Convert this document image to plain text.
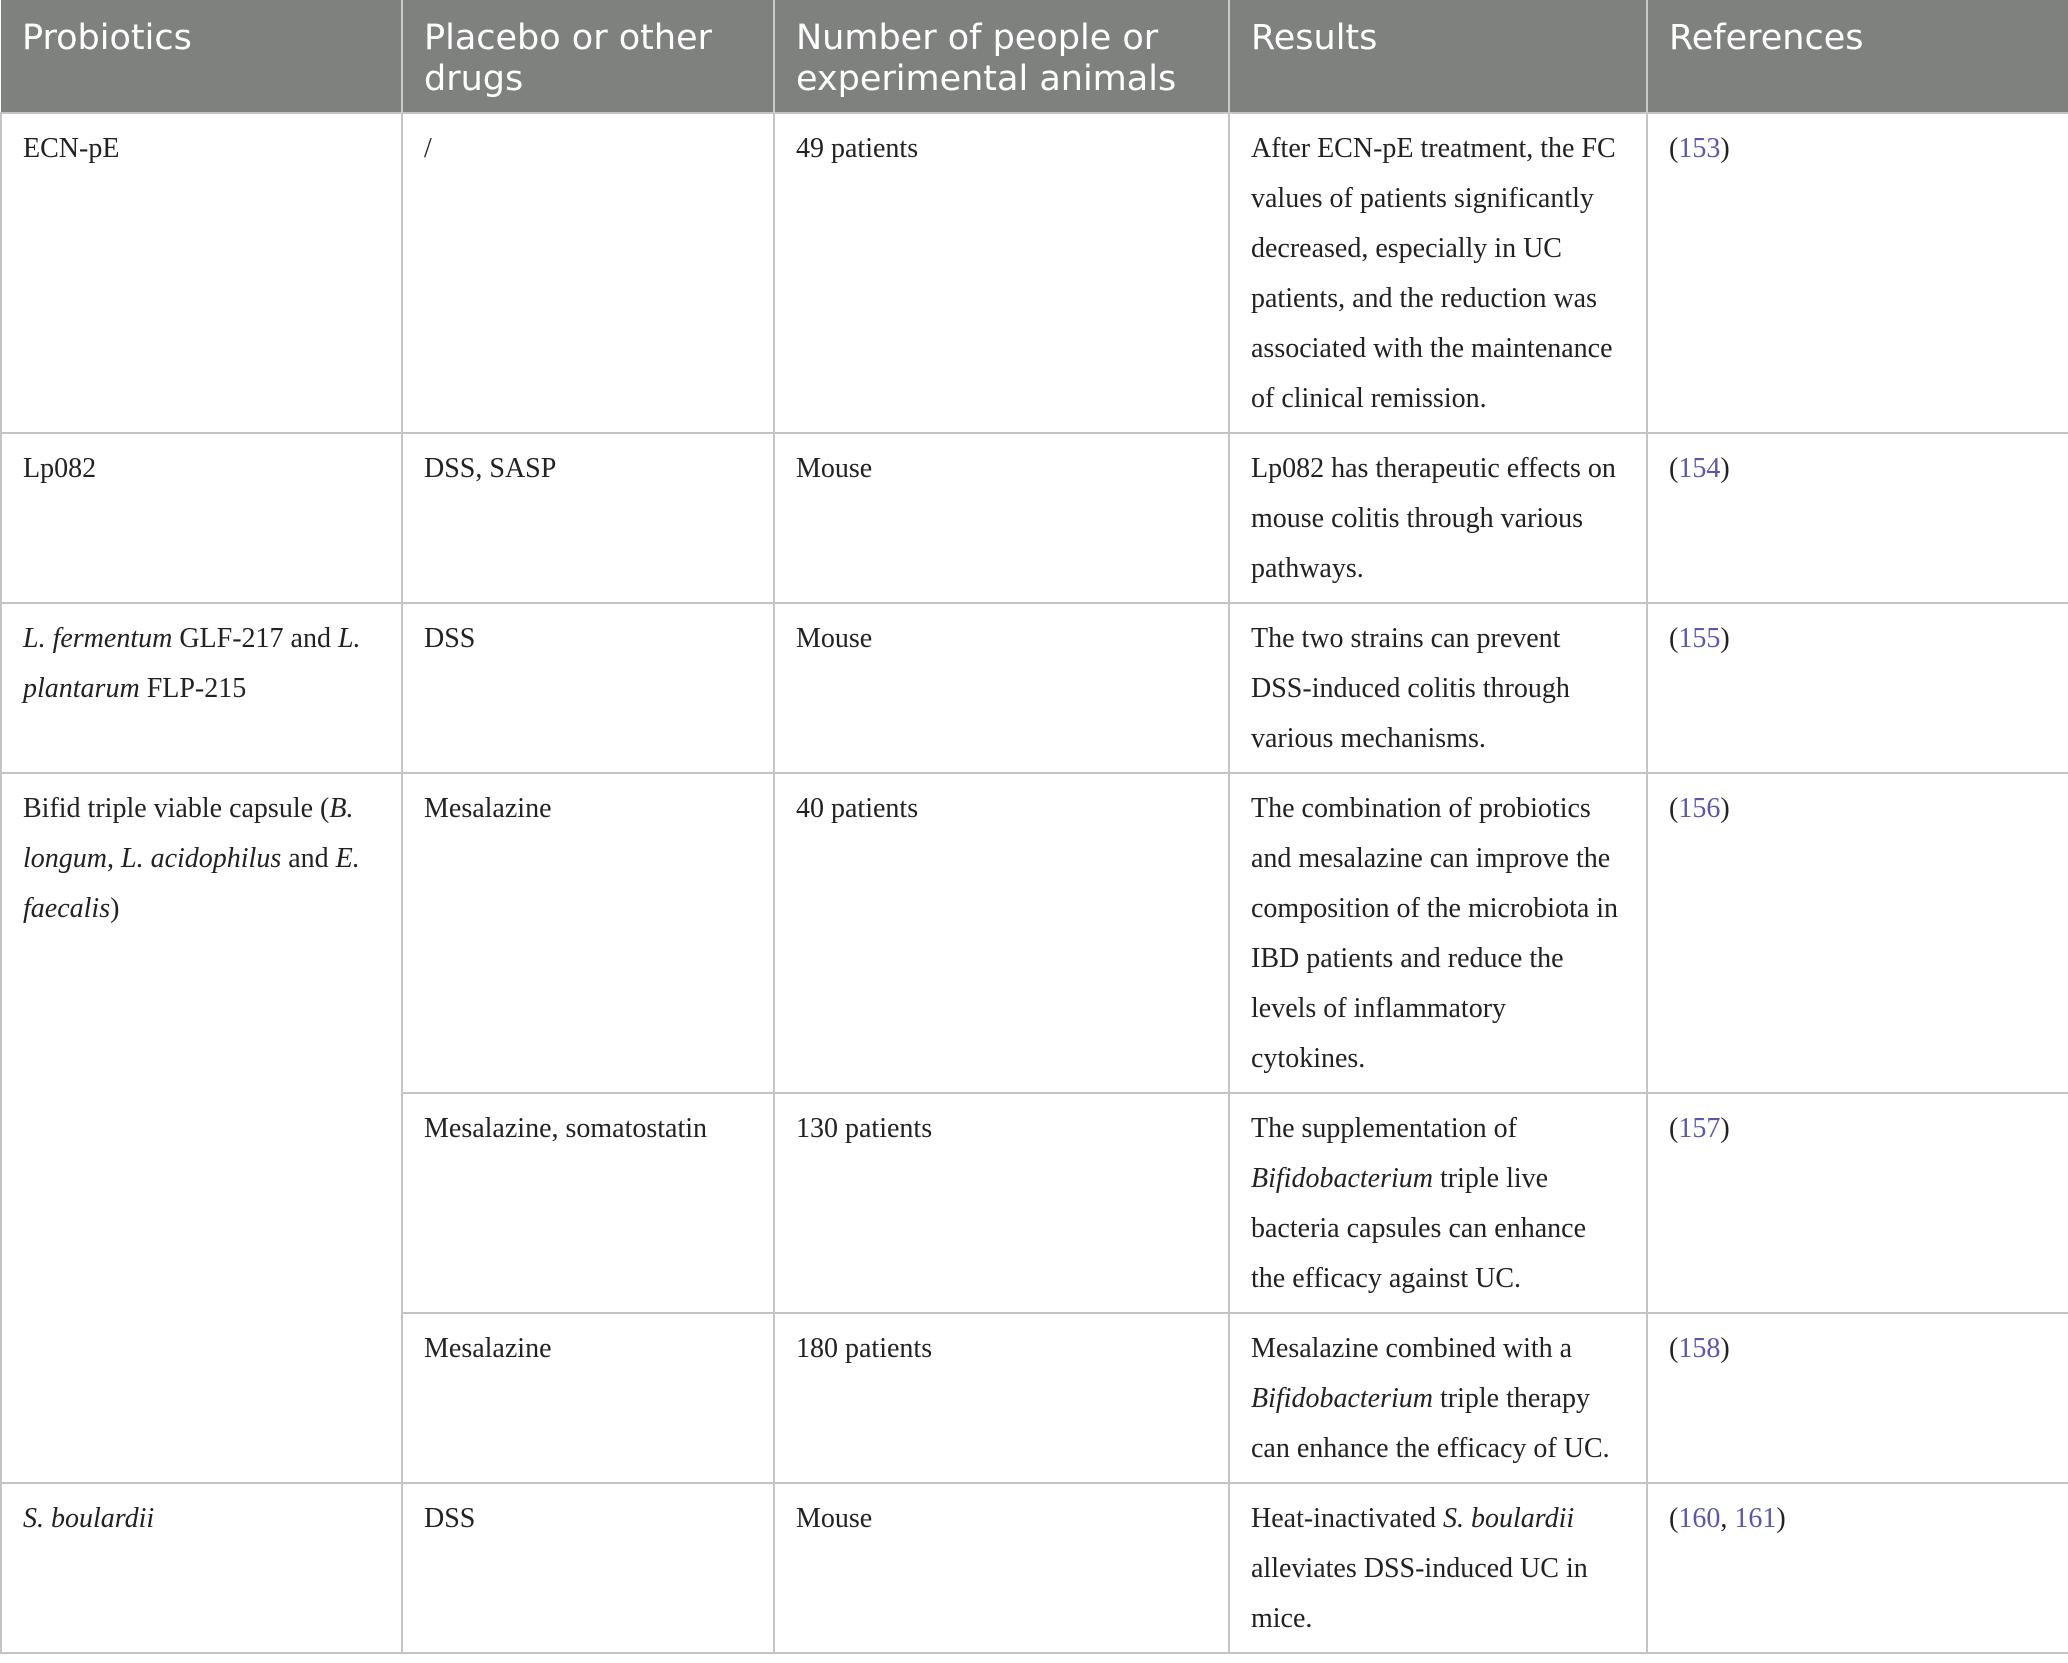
Probiotics	Placebo or other drugs	Number of people or experimental animals	Results	References
ECN-pE	/	49 patients	After ECN-pE treatment, the FC values of patients significantly decreased, especially in UC patients, and the reduction was associated with the maintenance of clinical remission.	(153)
Lp082	DSS, SASP	Mouse	Lp082 has therapeutic effects on mouse colitis through various pathways.	(154)
L. fermentum GLF-217 and L. plantarum FLP-215	DSS	Mouse	The two strains can prevent DSS-induced colitis through various mechanisms.	(155)
Bifid triple viable capsule (B. longum, L. acidophilus and E. faecalis)	Mesalazine	40 patients	The combination of probiotics and mesalazine can improve the composition of the microbiota in IBD patients and reduce the levels of inflammatory cytokines.	(156)
	Mesalazine, somatostatin	130 patients	The supplementation of Bifidobacterium triple live bacteria capsules can enhance the efficacy against UC.	(157)
	Mesalazine	180 patients	Mesalazine combined with a Bifidobacterium triple therapy can enhance the efficacy of UC.	(158)
S. boulardii	DSS	Mouse	Heat-inactivated S. boulardii alleviates DSS-induced UC in mice.	(160, 161)
